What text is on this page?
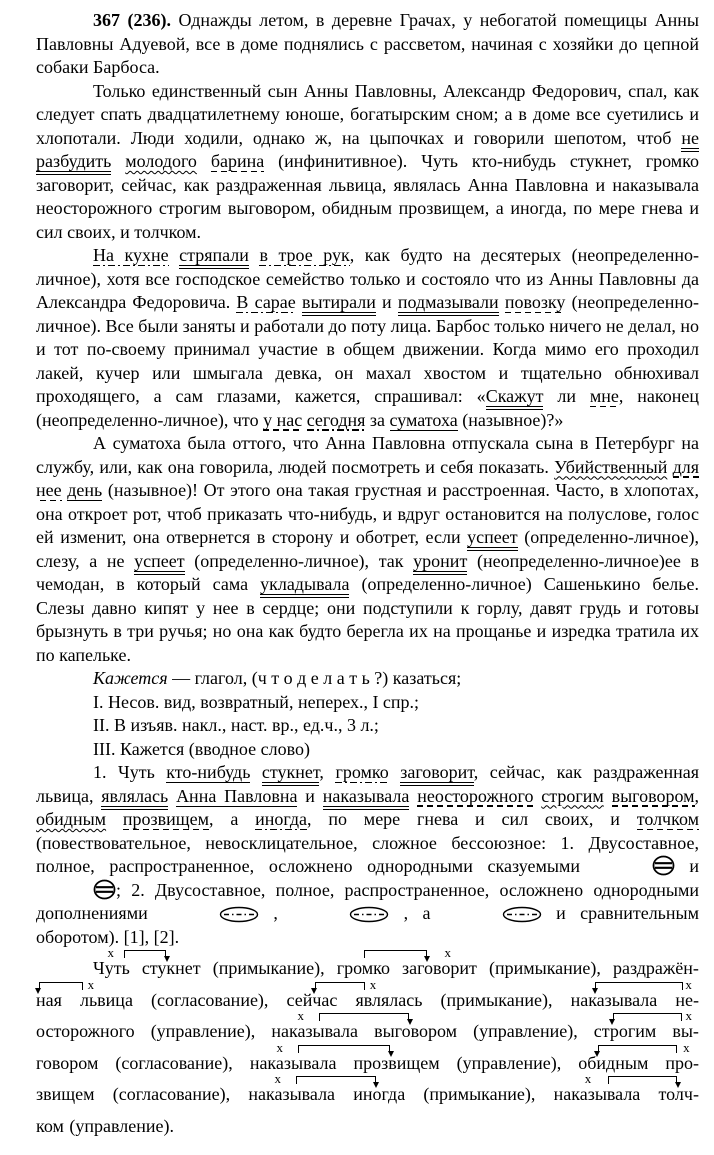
367 (236). Однажды летом, в деревне Грачах, у небогатой помещицы Анны Павловны Адуевой, все в доме поднялись с рассветом, начиная с хозяйки до цепной собаки Барбоса.

Только единственный сын Анны Павловны, Александр Федорович, спал, как следует спать двадцатилетнему юноше, богатырским сном; а в доме все суетились и хлопотали. Люди ходили, однако ж, на цыпочках и говорили шепотом, чтоб не разбудить молодого барина (инфинитивное). Чуть кто-нибудь стукнет, громко заговорит, сейчас, как раздраженная львица, являлась Анна Павловна и наказывала неосторожного строгим выговором, обидным прозвищем, а иногда, по мере гнева и сил своих, и толчком.

На кухне стряпали в трое рук, как будто на десятерых (неопределенно-личное), хотя все господское семейство только и состояло что из Анны Павловны да Александра Федоровича. В сарае вытирали и подмазывали повозку (неопределенно-личное). Все были заняты и работали до поту лица. Барбос только ничего не делал, но и тот по-своему принимал участие в общем движении. Когда мимо его проходил лакей, кучер или шмыгала девка, он махал хвостом и тщательно обнюхивал проходящего, а сам глазами, кажется, спрашивал: «Скажут ли мне, наконец (неопределенно-личное), что у нас сегодня за суматоха (назывное)?»

А суматоха была оттого, что Анна Павловна отпускала сына в Петербург на службу, или, как она говорила, людей посмотреть и себя показать. Убийственный для нее день (назывное)! От этого она такая грустная и расстроенная. Часто, в хлопотах, она откроет рот, чтоб приказать что-нибудь, и вдруг остановится на полуслове, голос ей изменит, она отвернется в сторону и оботрет, если успеет (определенно-личное), слезу, а не успеет (определенно-личное), так уронит (неопределенно-личное)ее в чемодан, в который сама укладывала (определенно-личное) Сашенькино белье. Слезы давно кипят у нее в сердце; они подступили к горлу, давят грудь и готовы брызнуть в три ручья; но она как будто берегла их на прощанье и изредка тратила их по капельке.

Кажется — глагол, (ч т о д е л а т ь ?) казаться;

I. Несов. вид, возвратный, неперех., I спр.;

II. В изъяв. накл., наст. вр., ед.ч., 3 л.;

III. Кажется (вводное слово)

1. Чуть кто-нибудь стукнет, громко заговорит, сейчас, как раздраженная львица, являлась Анна Павловна и наказывала неосторожного строгим выговором, обидным прозвищем, а иногда, по мере гнева и сил своих, и толчком (повествовательное, невосклицательное, сложное бессоюзное: 1. Двусоставное, полное, распространенное, осложнено однородными сказуемыми	и ; 2. Двусоставное, полное, распространенное, осложнено однородными дополнениями	,	, а	и сравнительным оборотом). [1], [2].

Чуть стукнет (примыкание), громко заговорит (примыкание), раздражён-
х	х
ная львица (согласование), сейчас являлась (примыкание), наказывала не-
х	х	х
осторожного (управление), наказывала выговором (управление), строгим вы-
х	х
говором (согласование), наказывала прозвищем (управление), обидным про-
х	х
звищем (согласование), наказывала иногда (примыкание), наказывала толч-
х	х
ком (управление).
